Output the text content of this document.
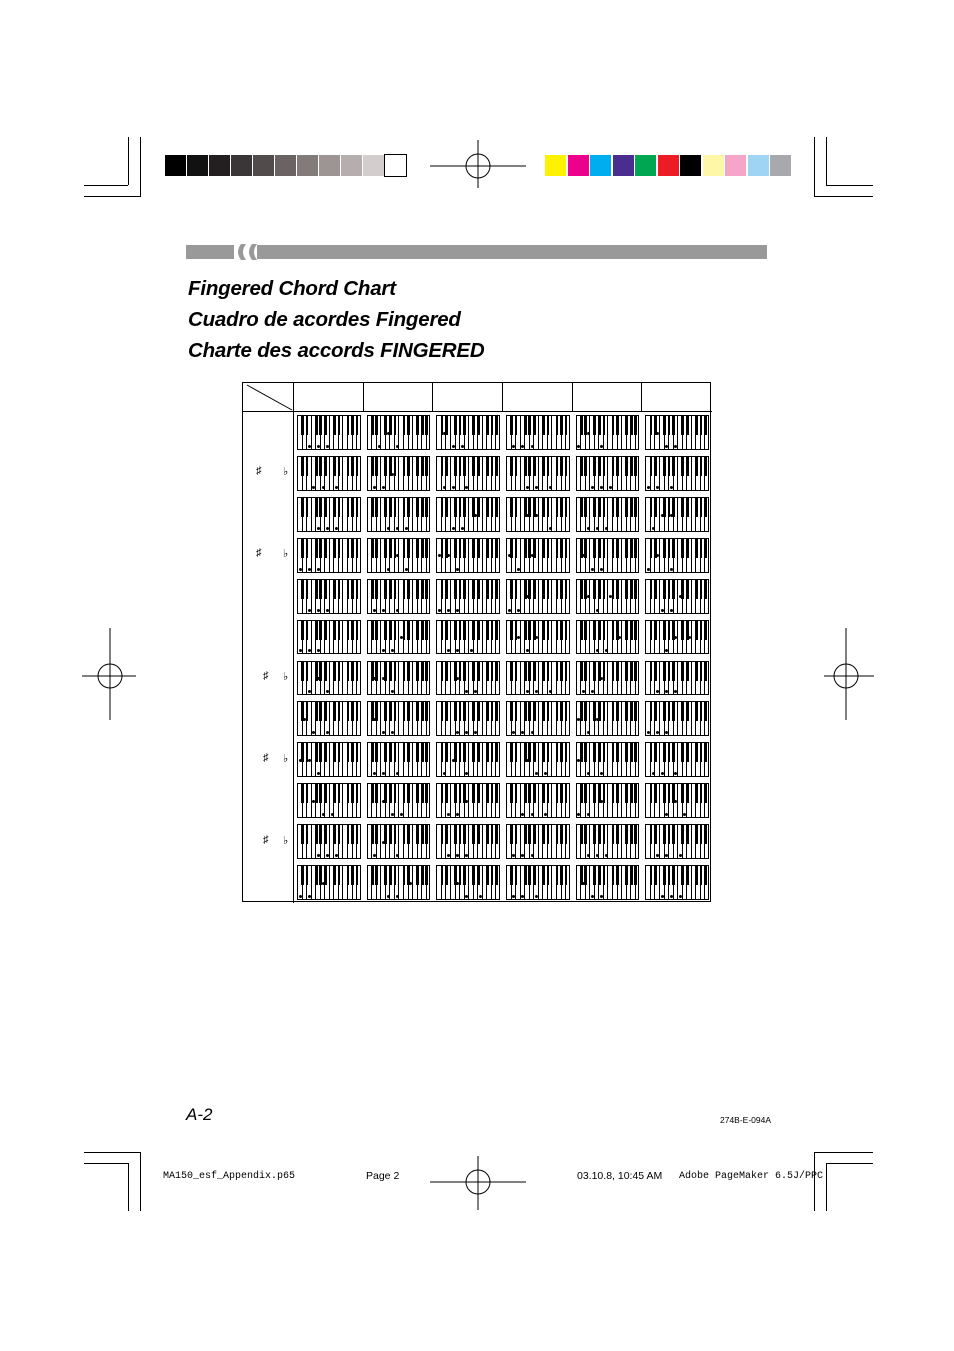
Fingered Chord Chart
Cuadro de acordes Fingered
Charte des accords FINGERED
♯ ♭
♯ ♭
♯ ♭
♯ ♭
♯ ♭
A-2	274B-E-094A
MA150_esf_Appendix.p65	Page 2	03.10.8, 10:45 AM Adobe PageMaker 6.5J/PPC
